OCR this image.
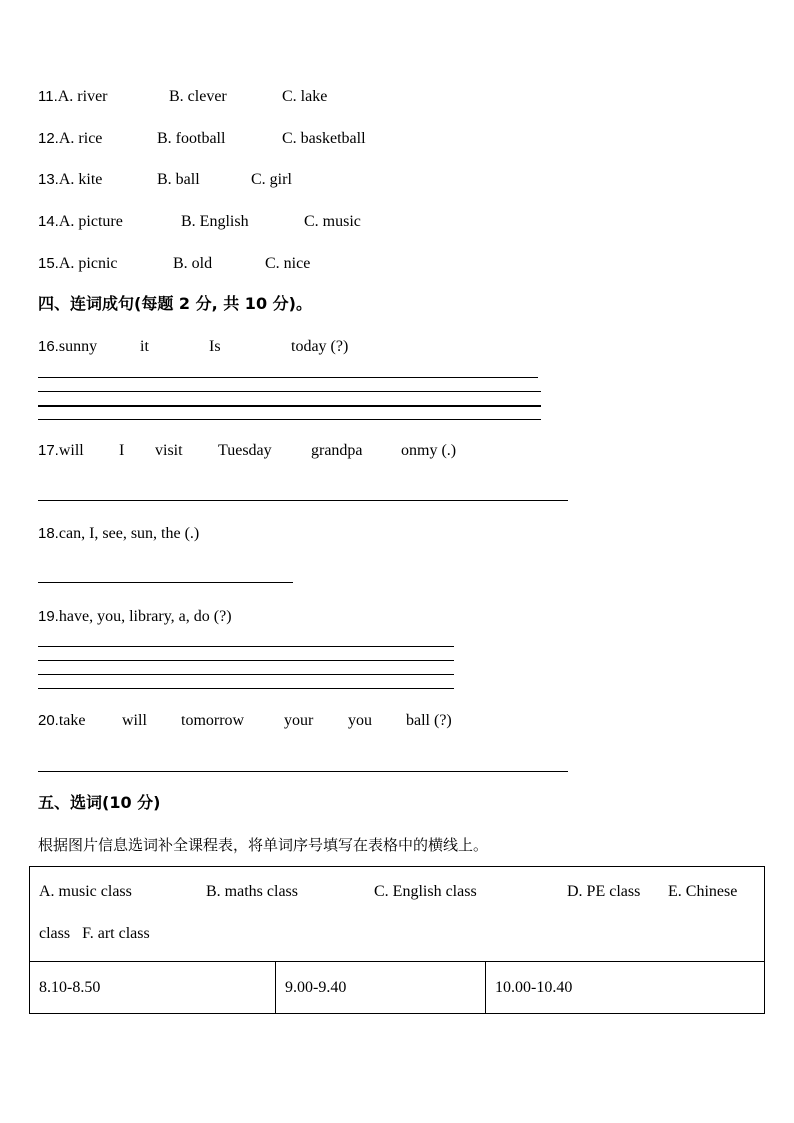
11.A. river	B. clever	C. lake
12.A. rice	B. football	C. basketball
13.A. kite	B. ball	C. girl
14.A. picture	B. English	C. music
15.A. picnic	B. old	C. nice
四、连词成句(每题 2 分, 共 10 分)。
16.sunny	it	Is	today (?)
17.will I visit Tuesday grandpa onmy (.)
18.can, I, see, sun, the (.)
19.have, you, library, a, do (?)
20.take will tomorrow your you ball (?)
五、选词(10 分)
根据图片信息选词补全课程表，将单词序号填写在表格中的横线上。
A. music class	B. maths class	C. English class	D. PE class E. Chinese
class   F. art class

8.10-8.50	9.00-9.40	10.00-10.40
